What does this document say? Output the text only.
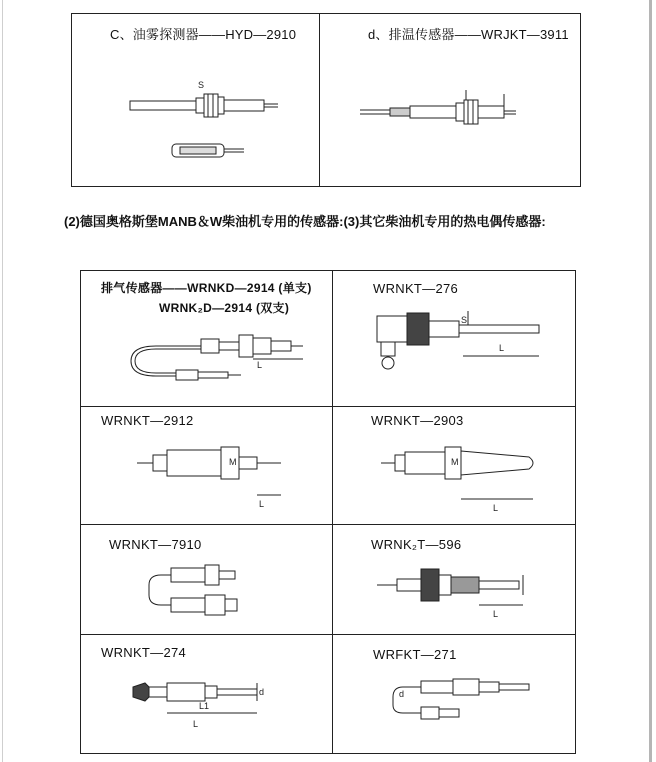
C、油雾探测器——HYD—2910
S
d、排温传感器——WRJKT—3911
(2)德国奥格斯堡MANB＆W柴油机专用的传感器:(3)其它柴油机专用的热电偶传感器:
排气传感器——WRNKD—2914 (单支)
WRNK₂D—2914 (双支)
L
WRNKT—276
L
S
WRNKT—2912
M
L
WRNKT—2903
M
L
WRNKT—7910	WRNK₂T—596
L
WRNKT—274
L1
L
d
WRFKT—271
d
